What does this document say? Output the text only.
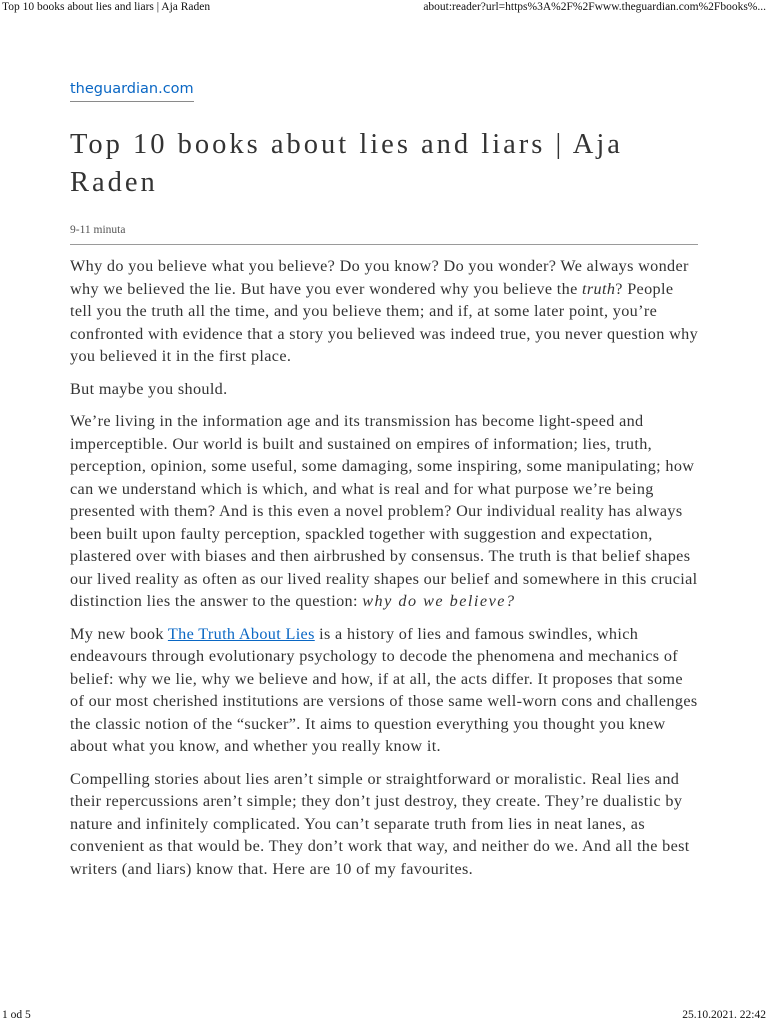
Top 10 books about lies and liars | Aja Raden	about:reader?url=https%3A%2F%2Fwww.theguardian.com%2Fbooks%...
theguardian.com
Top 10 books about lies and liars | Aja Raden
9-11 minuta

Why do you believe what you believe? Do you know? Do you wonder? We always wonder why we believed the lie. But have you ever wondered why you believe the truth? People tell you the truth all the time, and you believe them; and if, at some later point, you’re confronted with evidence that a story you believed was indeed true, you never question why you believed it in the first place.

But maybe you should.

We’re living in the information age and its transmission has become light-speed and imperceptible. Our world is built and sustained on empires of information; lies, truth, perception, opinion, some useful, some damaging, some inspiring, some manipulating; how can we understand which is which, and what is real and for what purpose we’re being presented with them? And is this even a novel problem? Our individual reality has always been built upon faulty perception, spackled together with suggestion and expectation, plastered over with biases and then airbrushed by consensus. The truth is that belief shapes our lived reality as often as our lived reality shapes our belief and somewhere in this crucial distinction lies the answer to the question: why do we believe?

My new book The Truth About Lies is a history of lies and famous swindles, which endeavours through evolutionary psychology to decode the phenomena and mechanics of belief: why we lie, why we believe and how, if at all, the acts differ. It proposes that some of our most cherished institutions are versions of those same well-worn cons and challenges the classic notion of the “sucker”. It aims to question everything you thought you knew about what you know, and whether you really know it.

Compelling stories about lies aren’t simple or straightforward or moralistic. Real lies and their repercussions aren’t simple; they don’t just destroy, they create. They’re dualistic by nature and infinitely complicated. You can’t separate truth from lies in neat lanes, as convenient as that would be. They don’t work that way, and neither do we. And all the best writers (and liars) know that. Here are 10 of my favourites.

1 od 5	25.10.2021. 22:42
